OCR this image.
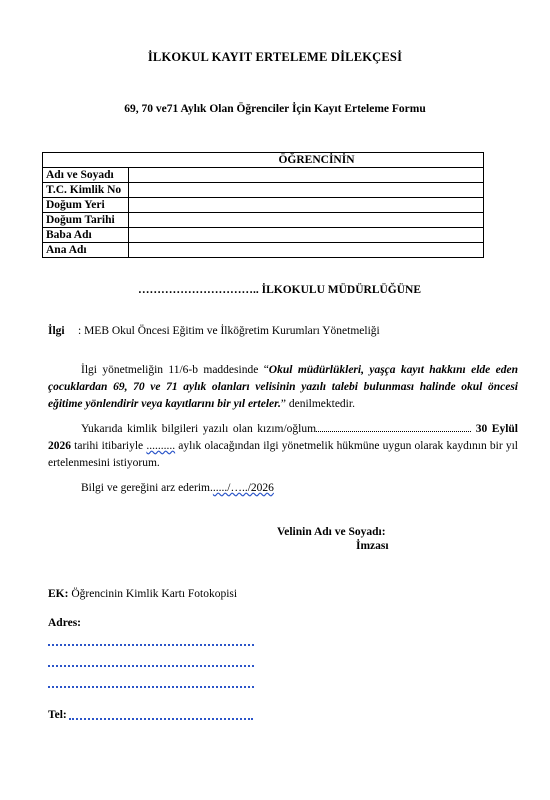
İLKOKUL KAYIT ERTELEME DİLEKÇESİ
69, 70 ve71 Aylık Olan Öğrenciler İçin Kayıt Erteleme Formu
ÖĞRENCİNİN	
Adı ve Soyadı	
T.C. Kimlik No	
Doğum Yeri	
Doğum Tarihi	
Baba Adı	
Ana Adı	
………………………….. İLKOKULU MÜDÜRLÜĞÜNE
İlgi : MEB Okul Öncesi Eğitim ve İlköğretim Kurumları Yönetmeliği
İlgi yönetmeliğin 11/6-b maddesinde “Okul müdürlükleri, yaşça kayıt hakkını elde eden çocuklardan 69, 70 ve 71 aylık olanları velisinin yazılı talebi bulunması halinde okul öncesi eğitime yönlendirir veya kayıtlarını bir yıl erteler.” denilmektedir.
Yukarıda kimlik bilgileri yazılı olan kızım/oğlum	30 Eylül 2026 tarihi itibariyle .......... aylık olacağından ilgi yönetmelik hükmüne uygun olarak kaydının bir yıl ertelenmesini istiyorum.
Bilgi ve gereğini arz ederim....../…../2026
Velinin Adı ve Soyadı:
İmzası
EK: Öğrencinin Kimlik Kartı Fotokopisi
Adres:
Tel:
